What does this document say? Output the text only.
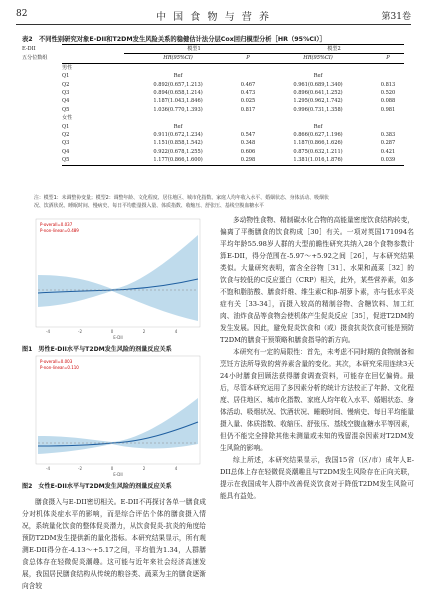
82	中 国 食 物 与 营 养	第31卷
表2　不同性别研究对象E-DII和T2DM发生风险关系的稳健估计法分层Cox回归模型分析［HR（95%CI）］
E-DII
五分位数组
	模型1		模型2	
	HR(95%CI)	P	HR(95%CI)	P
男性				
Q1	Ref		Ref	
Q2	0.892(0.657,1.213)	0.467	0.961(0.689,1.340)	0.813
Q3	0.894(0.658,1.214)	0.473	0.896(0.641,1.252)	0.520
Q4	1.187(1.043,1.846)	0.025	1.295(0.962,1.742)	0.088
Q5	1.036(0.770,1.393)	0.817	0.996(0.731,1.358)	0.981
女性				
Q1	Ref		Ref	
Q2	0.911(0.672,1.234)	0.547	0.866(0.627,1.196)	0.383
Q3	1.151(0.858,1.542)	0.348	1.187(0.866,1.626)	0.287
Q4	0.922(0.678,1.255)	0.606	0.875(0.632,1.211)	0.421
Q5	1.177(0.866,1.600)	0.298	1.381(1.016,1.876)	0.039
注：模型1：未调整协变量；模型2：调整年龄、文化程度、居住地区、城市化指数、家庭人均年收入水平、婚姻状态、身体活动、吸烟状
况、饮酒状况、睡眠时间、慢病史、每日平均能量摄入量、体质指数、收缩压、舒张压、基线空腹血糖水平
P-overall=0.037
P-non-linear=0.489
-4	-2	0	2	4
E-DII
图1　男性E-DII水平与T2DM发生风险的剂量反应关系
P-overall=0.003
P-non-linear=0.110
-4	-2	0	2	4
E-DII
图2　女性E-DII水平与T2DM发生风险的剂量反应关系

膳食摄入与E-DII密切相关。E-DII不再探讨各单一膳食成分对机体炎症水平的影响，而是综合评估个体的膳食摄入情况，系统量化饮食的整体促炎潜力，从饮食促炎-抗炎的角度给预防T2DM发生提供新的量化指标。本研究结果显示，所有观测E-DII得分在-4.13～+5.17之间，平均值为1.34，人群膳食总体存在轻微促炎潮趣。这可能与近年来社会经济高速发展，我国居民膳食结构从传统的粮谷类、蔬菜为主的膳食逐渐向含较

多动物性食物、精制碳水化合物的高能量密度饮食结构转变，偏离了平衡膳食的饮食构成［30］有关。一项对英国171094名平均年龄55.98岁人群的大型前瞻性研究共纳入28个食物参数计算E-DII，得分范围在-5.97～+5.92之间［26］，与本研究结果类似。大量研究表明，富含全谷物［31］、水果和蔬菜［32］的饮食与较低的C反应蛋白（CRP）相关，此外，某些营养素，如多不饱和脂肪酸、膳食纤维、维生素C和β-胡萝卜素，亦与低水平炎症有关［33-34］，而摄入较高的精制谷物、含糖饮料、加工红肉、油炸食品等食物会使机体产生促炎反应［35］，促进T2DM的发生发展。因此，避免促炎饮食和（或）摄食抗炎饮食可能是预防T2DM的膳食干预策略和膳食指导的新方向。

本研究有一定的局限性：首先，未考虑不同时期的食物制备和烹饪方法所导致的营养素含量的变化。其次，本研究采用连续3天24小时膳食回顾法获得膳食调查资料，可能存在回忆偏倚。最后，尽管本研究运用了多因素分析的统计方法校正了年龄、文化程度、居住地区、城市化指数、家庭人均年收入水平、婚姻状态、身体活动、吸烟状况、饮酒状况、睡眠时间、慢病史、每日平均能量摄入量、体质指数、收缩压、舒张压、基线空腹血糖水平等因素，但仍不能完全排除其他未测量或未知的残留混杂因素对T2DM发生风险的影响。

综上所述，本研究结果显示，我国15省（区/市）成年人E-DII总体上存在轻微促炎潮趣且与T2DM发生风险存在正向关联，提示在我国成年人群中改善促炎饮食对于降低T2DM发生风险可能具有益处。
